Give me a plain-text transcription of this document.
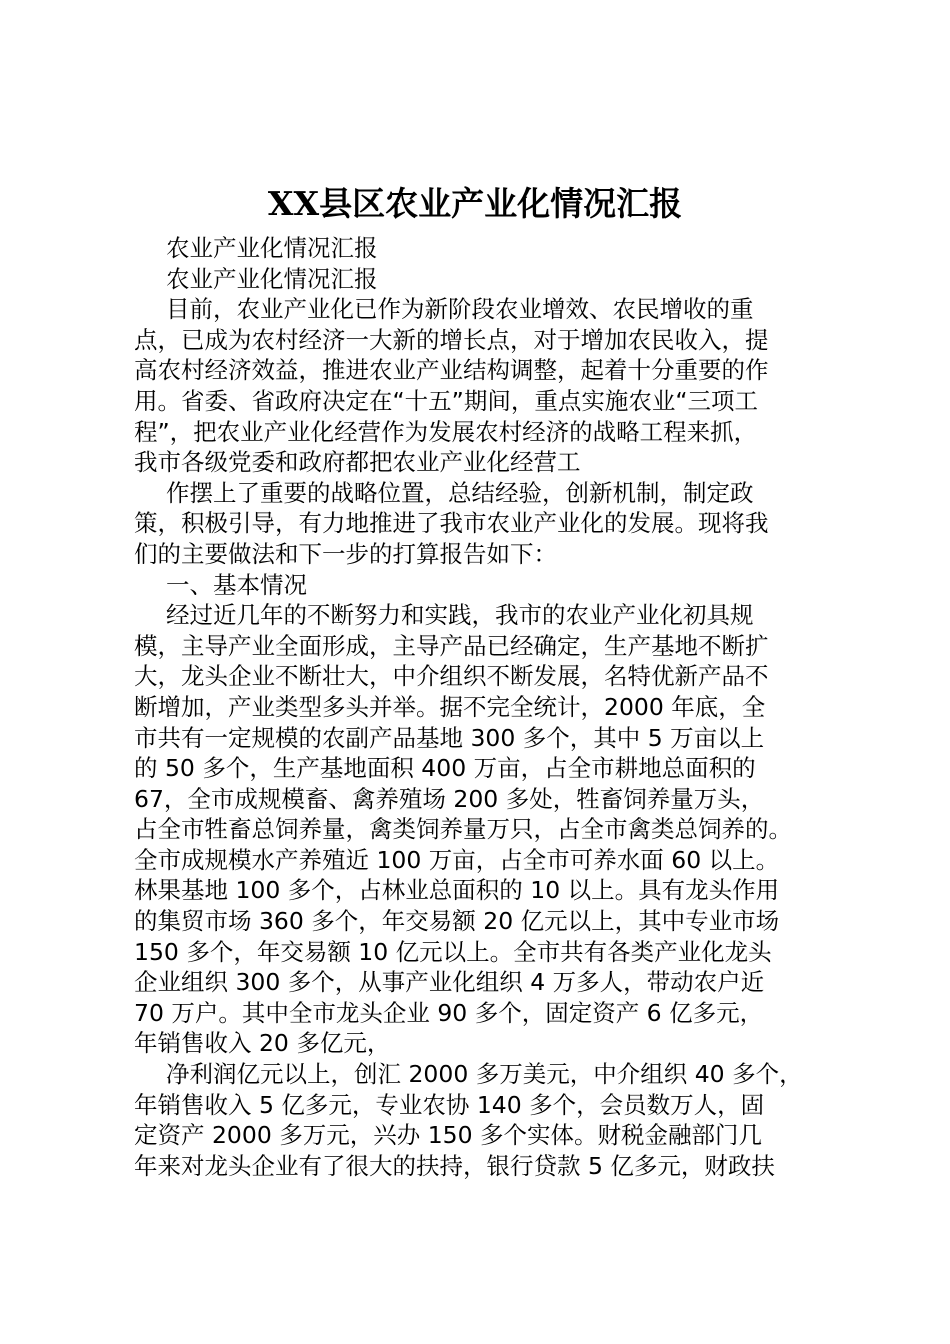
XX县区农业产业化情况汇报
农业产业化情况汇报
农业产业化情况汇报
目前，农业产业化已作为新阶段农业增效、农民增收的重
点，已成为农村经济一大新的增长点，对于增加农民收入，提
高农村经济效益，推进农业产业结构调整，起着十分重要的作
用。省委、省政府决定在“十五”期间，重点实施农业“三项工
程”，把农业产业化经营作为发展农村经济的战略工程来抓，
我市各级党委和政府都把农业产业化经营工
作摆上了重要的战略位置，总结经验，创新机制，制定政
策，积极引导，有力地推进了我市农业产业化的发展。现将我
们的主要做法和下一步的打算报告如下：
一、基本情况
经过近几年的不断努力和实践，我市的农业产业化初具规
模，主导产业全面形成，主导产品已经确定，生产基地不断扩
大，龙头企业不断壮大，中介组织不断发展，名特优新产品不
断增加，产业类型多头并举。据不完全统计，2000 年底，全
市共有一定规模的农副产品基地 300 多个，其中 5 万亩以上
的 50 多个，生产基地面积 400 万亩，占全市耕地总面积的
67，全市成规模畜、禽养殖场 200 多处，牲畜饲养量万头，
占全市牲畜总饲养量，禽类饲养量万只，占全市禽类总饲养的。
全市成规模水产养殖近 100 万亩，占全市可养水面 60 以上。
林果基地 100 多个，占林业总面积的 10 以上。具有龙头作用
的集贸市场 360 多个，年交易额 20 亿元以上，其中专业市场
150 多个，年交易额 10 亿元以上。全市共有各类产业化龙头
企业组织 300 多个，从事产业化组织 4 万多人，带动农户近
70 万户。其中全市龙头企业 90 多个，固定资产 6 亿多元，
年销售收入 20 多亿元，
净利润亿元以上，创汇 2000 多万美元，中介组织 40 多个，
年销售收入 5 亿多元，专业农协 140 多个，会员数万人，固
定资产 2000 多万元，兴办 150 多个实体。财税金融部门几
年来对龙头企业有了很大的扶持，银行贷款 5 亿多元，财政扶
